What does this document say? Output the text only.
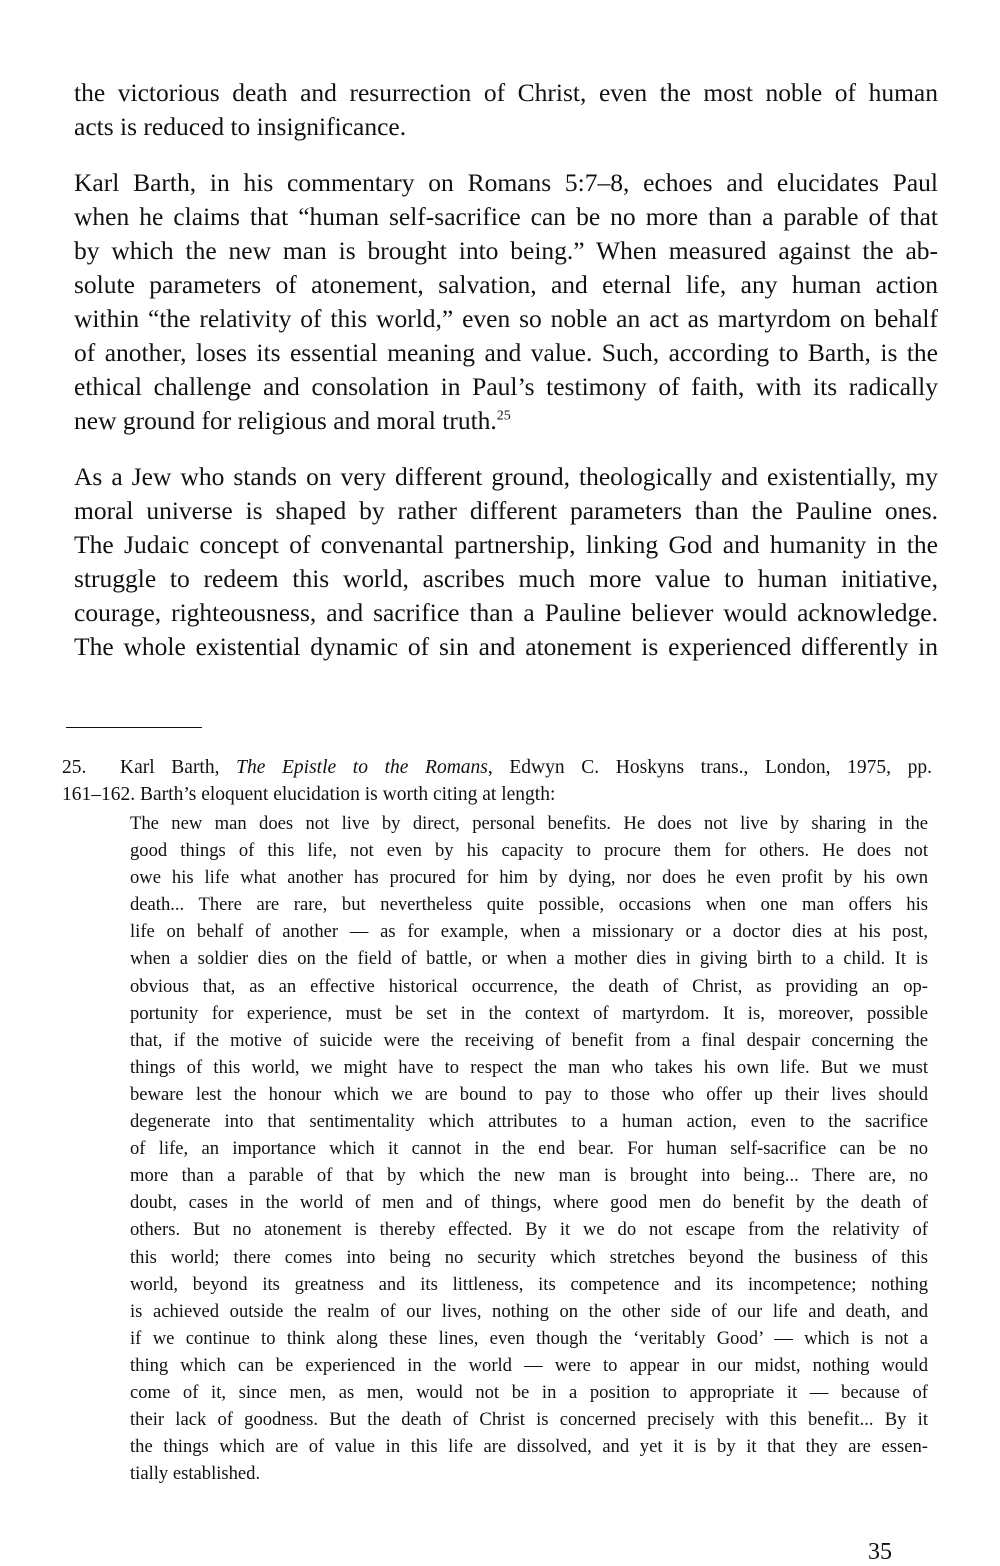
the victorious death and resurrection of Christ, even the most noble of human
acts is reduced to insignificance.

Karl Barth, in his commentary on Romans 5:7–8, echoes and elucidates Paul
when he claims that “human self-sacrifice can be no more than a parable of that
by which the new man is brought into being.” When measured against the ab-
solute parameters of atonement, salvation, and eternal life, any human action
within “the relativity of this world,” even so noble an act as martyrdom on behalf
of another, loses its essential meaning and value. Such, according to Barth, is the
ethical challenge and consolation in Paul’s testimony of faith, with its radically
new ground for religious and moral truth.$^{25}$

As a Jew who stands on very different ground, theologically and existentially, my
moral universe is shaped by rather different parameters than the Pauline ones.
The Judaic concept of convenantal partnership, linking God and humanity in the
struggle to redeem this world, ascribes much more value to human initiative,
courage, righteousness, and sacrifice than a Pauline believer would acknowledge.
The whole existential dynamic of sin and atonement is experienced differently in

25. Karl Barth, The Epistle to the Romans, Edwyn C. Hoskyns trans., London, 1975, pp.
161–162. Barth’s eloquent elucidation is worth citing at length:
The new man does not live by direct, personal benefits. He does not live by sharing in the
good things of this life, not even by his capacity to procure them for others. He does not
owe his life what another has procured for him by dying, nor does he even profit by his own
death... There are rare, but nevertheless quite possible, occasions when one man offers his
life on behalf of another — as for example, when a missionary or a doctor dies at his post,
when a soldier dies on the field of battle, or when a mother dies in giving birth to a child. It is
obvious that, as an effective historical occurrence, the death of Christ, as providing an op-
portunity for experience, must be set in the context of martyrdom. It is, moreover, possible
that, if the motive of suicide were the receiving of benefit from a final despair concerning the
things of this world, we might have to respect the man who takes his own life. But we must
beware lest the honour which we are bound to pay to those who offer up their lives should
degenerate into that sentimentality which attributes to a human action, even to the sacrifice
of life, an importance which it cannot in the end bear. For human self-sacrifice can be no
more than a parable of that by which the new man is brought into being... There are, no
doubt, cases in the world of men and of things, where good men do benefit by the death of
others. But no atonement is thereby effected. By it we do not escape from the relativity of
this world; there comes into being no security which stretches beyond the business of this
world, beyond its greatness and its littleness, its competence and its incompetence; nothing
is achieved outside the realm of our lives, nothing on the other side of our life and death, and
if we continue to think along these lines, even though the ‘veritably Good’ — which is not a
thing which can be experienced in the world — were to appear in our midst, nothing would
come of it, since men, as men, would not be in a position to appropriate it — because of
their lack of goodness. But the death of Christ is concerned precisely with this benefit... By it
the things which are of value in this life are dissolved, and yet it is by it that they are essen-
tially established.
35
